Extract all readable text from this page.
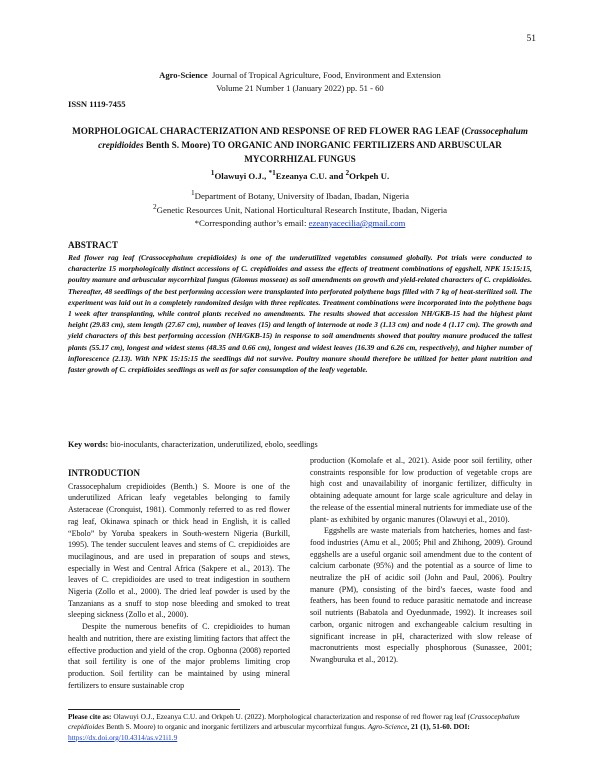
51
Agro-Science Journal of Tropical Agriculture, Food, Environment and Extension
Volume 21 Number 1 (January 2022) pp. 51 - 60
ISSN 1119-7455
MORPHOLOGICAL CHARACTERIZATION AND RESPONSE OF RED FLOWER RAG LEAF (Crassocephalum crepidioides Benth S. Moore) TO ORGANIC AND INORGANIC FERTILIZERS AND ARBUSCULAR MYCORRHIZAL FUNGUS
$^1$Olawuyi O.J., $^{*1}$Ezeanya C.U. and $^2$Orkpeh U.
$^1$Department of Botany, University of Ibadan, Ibadan, Nigeria
$^2$Genetic Resources Unit, National Horticultural Research Institute, Ibadan, Nigeria
*Corresponding author’s email: ezeanyacecilia@gmail.com
ABSTRACT
Red flower rag leaf (Crassocephalum crepidioides) is one of the underutilized vegetables consumed globally. Pot trials were conducted to characterize 15 morphologically distinct accessions of C. crepidioides and assess the effects of treatment combinations of eggshell, NPK 15:15:15, poultry manure and arbuscular mycorrhizal fungus (Glomus mosseae) as soil amendments on growth and yield-related characters of C. crepidioides. Thereafter, 48 seedlings of the best performing accession were transplanted into perforated polythene bags filled with 7 kg of heat-sterilized soil. The experiment was laid out in a completely randomized design with three replicates. Treatment combinations were incorporated into the polythene bags 1 week after transplanting, while control plants received no amendments. The results showed that accession NH/GKB-15 had the highest plant height (29.83 cm), stem length (27.67 cm), number of leaves (15) and length of internode at node 3 (1.13 cm) and node 4 (1.17 cm). The growth and yield characters of this best performing accession (NH/GKB-15) in response to soil amendments showed that poultry manure produced the tallest plants (55.17 cm), longest and widest stems (48.35 and 0.66 cm), longest and widest leaves (16.39 and 6.26 cm, respectively), and higher number of inflorescence (2.13). With NPK 15:15:15 the seedlings did not survive. Poultry manure should therefore be utilized for better plant nutrition and faster growth of C. crepidioides seedlings as well as for safer consumption of the leafy vegetable.
Key words: bio-inoculants, characterization, underutilized, ebolo, seedlings
INTRODUCTION

Crassocephalum crepidioides (Benth.) S. Moore is one of the underutilized African leafy vegetables belonging to family Asteraceae (Cronquist, 1981). Commonly referred to as red flower rag leaf, Okinawa spinach or thick head in English, it is called “Ebolo” by Yoruba speakers in South-western Nigeria (Burkill, 1995). The tender succulent leaves and stems of C. crepidioides are mucilaginous, and are used in preparation of soups and stews, especially in West and Central Africa (Sakpere et al., 2013). The leaves of C. crepidioides are used to treat indigestion in southern Nigeria (Zollo et al., 2000). The dried leaf powder is used by the Tanzanians as a snuff to stop nose bleeding and smoked to treat sleeping sickness (Zollo et al., 2000).

Despite the numerous benefits of C. crepidioides to human health and nutrition, there are existing limiting factors that affect the effective production and yield of the crop. Ogbonna (2008) reported that soil fertility is one of the major problems limiting crop production. Soil fertility can be maintained by using mineral fertilizers to ensure sustainable crop

production (Komolafe et al., 2021). Aside poor soil fertility, other constraints responsible for low production of vegetable crops are high cost and unavailability of inorganic fertilizer, difficulty in obtaining adequate amount for large scale agriculture and delay in the release of the essential mineral nutrients for immediate use of the plant- as exhibited by organic manures (Olawuyi et al., 2010).

Eggshells are waste materials from hatcheries, homes and fast-food industries (Amu et al., 2005; Phil and Zhihong, 2009). Ground eggshells are a useful organic soil amendment due to the content of calcium carbonate (95%) and the potential as a source of lime to neutralize the pH of acidic soil (John and Paul, 2006). Poultry manure (PM), consisting of the bird’s faeces, waste food and feathers, has been found to reduce parasitic nematode and increase soil nutrients (Babatola and Oyedunmade, 1992). It increases soil carbon, organic nitrogen and exchangeable calcium resulting in significant increase in pH, characterized with slow release of macronutrients most especially phosphorous (Sunassee, 2001; Nwangburuka et al., 2012).

Please cite as: Olawuyi O.J., Ezeanya C.U. and Orkpeh U. (2022). Morphological characterization and response of red flower rag leaf (Crassocephalum crepidioides Benth S. Moore) to organic and inorganic fertilizers and arbuscular mycorrhizal fungus. Agro-Science, 21 (1), 51-60. DOI: https://dx.doi.org/10.4314/as.v21i1.9
